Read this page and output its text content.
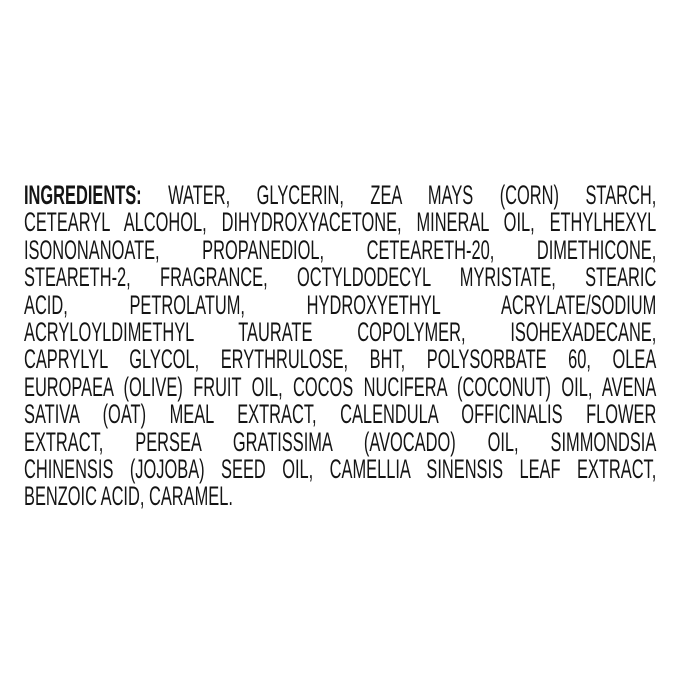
INGREDIENTS: WATER, GLYCERIN, ZEA MAYS (CORN) STARCH,
CETEARYL ALCOHOL, DIHYDROXYACETONE, MINERAL OIL, ETHYLHEXYL
ISONONANOATE, PROPANEDIOL, CETEARETH-20, DIMETHICONE,
STEARETH-2, FRAGRANCE, OCTYLDODECYL MYRISTATE, STEARIC
ACID, PETROLATUM, HYDROXYETHYL ACRYLATE/SODIUM
ACRYLOYLDIMETHYL TAURATE COPOLYMER, ISOHEXADECANE,
CAPRYLYL GLYCOL, ERYTHRULOSE, BHT, POLYSORBATE 60, OLEA
EUROPAEA (OLIVE) FRUIT OIL, COCOS NUCIFERA (COCONUT) OIL, AVENA
SATIVA (OAT) MEAL EXTRACT, CALENDULA OFFICINALIS FLOWER
EXTRACT, PERSEA GRATISSIMA (AVOCADO) OIL, SIMMONDSIA
CHINENSIS (JOJOBA) SEED OIL, CAMELLIA SINENSIS LEAF EXTRACT,
BENZOIC ACID, CARAMEL.
